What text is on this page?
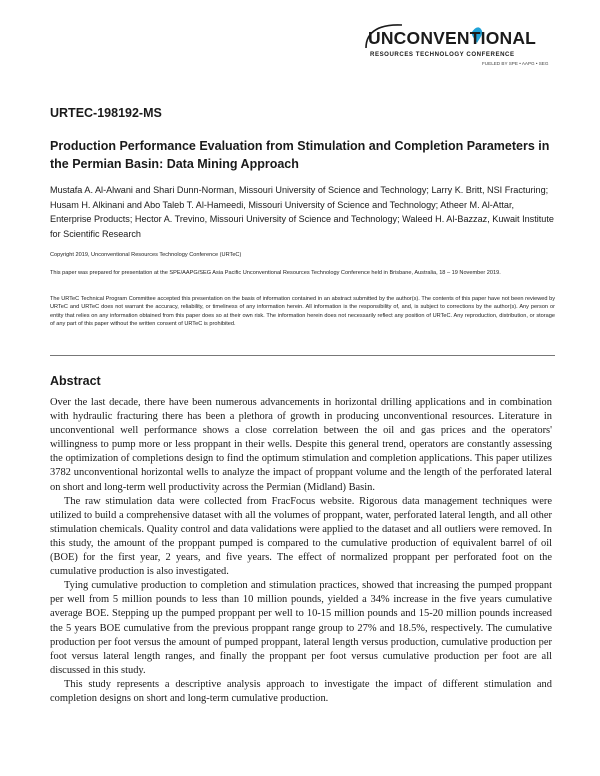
UNCONVENTIONAL
RESOURCES TECHNOLOGY CONFERENCE
FUELED BY SPE • AAPG • SEG
URTEC-198192-MS
Production Performance Evaluation from Stimulation and Completion Parameters in the Permian Basin: Data Mining Approach

Mustafa A. Al-Alwani and Shari Dunn-Norman, Missouri University of Science and Technology; Larry K. Britt, NSI Fracturing; Husam H. Alkinani and Abo Taleb T. Al-Hameedi, Missouri University of Science and Technology; Atheer M. Al-Attar, Enterprise Products; Hector A. Trevino, Missouri University of Science and Technology; Waleed H. Al-Bazzaz, Kuwait Institute for Scientific Research

Copyright 2019, Unconventional Resources Technology Conference (URTeC)

This paper was prepared for presentation at the SPE/AAPG/SEG Asia Pacific Unconventional Resources Technology Conference held in Brisbane, Australia, 18 – 19 November 2019.

The URTeC Technical Program Committee accepted this presentation on the basis of information contained in an abstract submitted by the author(s). The contents of this paper have not been reviewed by URTeC and URTeC does not warrant the accuracy, reliability, or timeliness of any information herein. All information is the responsibility of, and, is subject to corrections by the author(s). Any person or entity that relies on any information obtained from this paper does so at their own risk. The information herein does not necessarily reflect any position of URTeC. Any reproduction, distribution, or storage of any part of this paper without the written consent of URTeC is prohibited.

Abstract

Over the last decade, there have been numerous advancements in horizontal drilling applications and in combination with hydraulic fracturing there has been a plethora of growth in producing unconventional resources. Literature in unconventional well performance shows a close correlation between the oil and gas prices and the operators' willingness to pump more or less proppant in their wells. Despite this general trend, operators are constantly assessing the optimization of completions design to find the optimum stimulation and completion applications. This paper utilizes 3782 unconventional horizontal wells to analyze the impact of proppant volume and the length of the perforated lateral on short and long-term well productivity across the Permian (Midland) Basin.

The raw stimulation data were collected from FracFocus website. Rigorous data management techniques were utilized to build a comprehensive dataset with all the volumes of proppant, water, perforated lateral length, and all other stimulation chemicals. Quality control and data validations were applied to the dataset and all outliers were removed. In this study, the amount of the proppant pumped is compared to the cumulative production of equivalent barrel of oil (BOE) for the first year, 2 years, and five years. The effect of normalized proppant per perforated foot on the cumulative production is also investigated.

Tying cumulative production to completion and stimulation practices, showed that increasing the pumped proppant per well from 5 million pounds to less than 10 million pounds, yielded a 34% increase in the five years cumulative average BOE. Stepping up the pumped proppant per well to 10-15 million pounds and 15-20 million pounds increased the 5 years BOE cumulative from the previous proppant range group to 27% and 18.5%, respectively. The cumulative production per foot versus the amount of pumped proppant, lateral length versus production, cumulative production per foot versus lateral length ranges, and finally the proppant per foot versus cumulative production per foot are all discussed in this study.

This study represents a descriptive analysis approach to investigate the impact of different stimulation and completion designs on short and long-term cumulative production.
